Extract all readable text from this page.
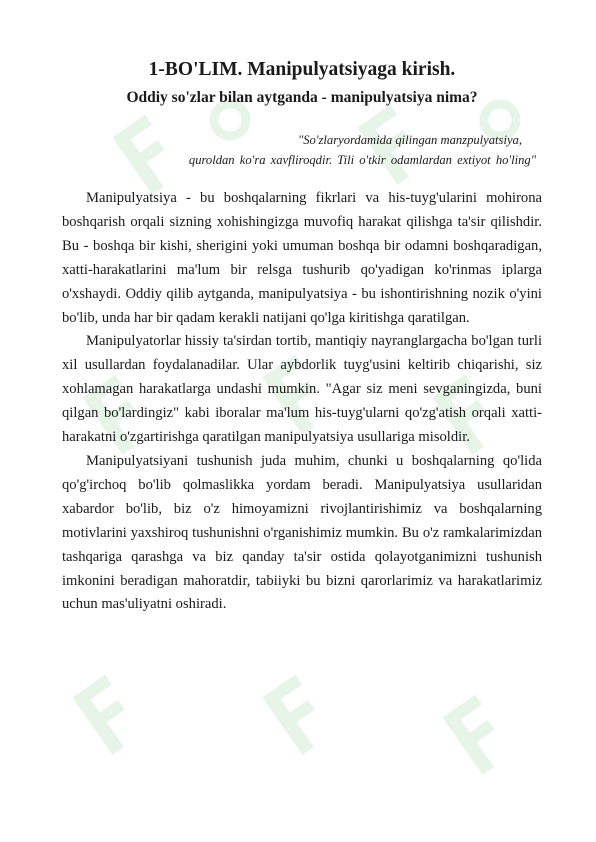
1-BO'LIM. Manipulyatsiyaga kirish.
Oddiy so'zlar bilan aytganda - manipulyatsiya nima?
"So'zlaryordamida qilingan manzpulyatsiya,
quroldan ko'ra xavfliroqdir. Tili o'tkir odamlardan extiyot ho'ling"

Manipulyatsiya - bu boshqalarning fikrlari va his-tuyg'ularini mohirona boshqarish orqali sizning xohishingizga muvofiq harakat qilishga ta'sir qilishdir. Bu - boshqa bir kishi, sherigini yoki umuman boshqa bir odamni boshqaradigan, xatti-harakatlarini ma'lum bir relsga tushurib qo'yadigan ko'rinmas iplarga o'xshaydi. Oddiy qilib aytganda, manipulyatsiya - bu ishontirishning nozik o'yini bo'lib, unda har bir qadam kerakli natijani qo'lga kiritishga qaratilgan.

Manipulyatorlar hissiy ta'sirdan tortib, mantiqiy nayranglargacha bo'lgan turli xil usullardan foydalanadilar. Ular aybdorlik tuyg'usini keltirib chiqarishi, siz xohlamagan harakatlarga undashi mumkin. "Agar siz meni sevganingizda, buni qilgan bo'lardingiz" kabi iboralar ma'lum his-tuyg'ularni qo'zg'atish orqali xatti-harakatni o'zgartirishga qaratilgan manipulyatsiya usullariga misoldir.

Manipulyatsiyani tushunish juda muhim, chunki u boshqalarning qo'lida qo'g'irchoq bo'lib qolmaslikka yordam beradi. Manipulyatsiya usullaridan xabardor bo'lib, biz o'z himoyamizni rivojlantirishimiz va boshqalarning motivlarini yaxshiroq tushunishni o'rganishimiz mumkin. Bu o'z ramkalarimizdan tashqariga qarashga va biz qanday ta'sir ostida qolayotganimizni tushunish imkonini beradigan mahoratdir, tabiiyki bu bizni qarorlarimiz va harakatlarimiz uchun mas'uliyatni oshiradi.
